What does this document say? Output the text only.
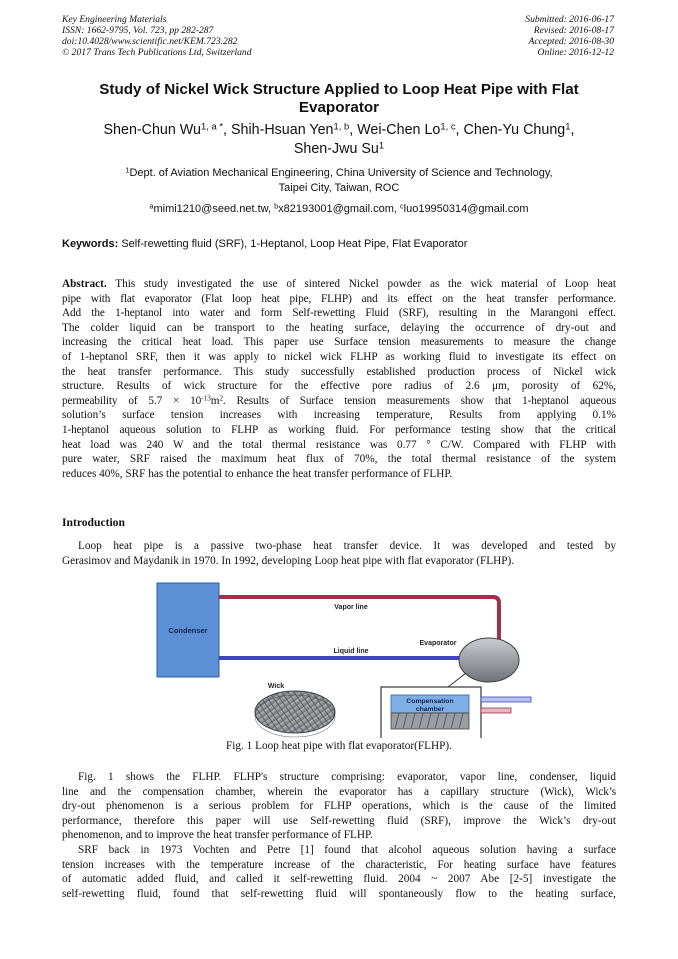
Key Engineering Materials
ISSN: 1662-9795, Vol. 723, pp 282-287
doi:10.4028/www.scientific.net/KEM.723.282
© 2017 Trans Tech Publications Ltd, Switzerland
Submitted: 2016-06-17
Revised: 2016-08-17
Accepted: 2016-08-30
Online: 2016-12-12
Study of Nickel Wick Structure Applied to Loop Heat Pipe with Flat
Evaporator
Shen-Chun $Wu^{1, a *}$, Shih-Hsuan Yen$^{1, b}$, Wei-Chen Lo$^{1, c}$, Chen-Yu Chung$^1$,
Shen-Jwu Su$^1$
$^1$Dept. of Aviation Mechanical Engineering, China University of Science and Technology,
Taipei City, Taiwan, ROC
$^a$mimi1210@seed.net.tw, $^b$x82193001@gmail.com, $^c$luo19950314@gmail.com
Keywords: Self-rewetting fluid (SRF), 1-Heptanol, Loop Heat Pipe, Flat Evaporator
Abstract. This study investigated the use of sintered Nickel powder as the wick material of Loop heat
pipe with flat evaporator (Flat loop heat pipe, FLHP) and its effect on the heat transfer performance.
Add the 1-heptanol into water and form Self-rewetting Fluid (SRF), resulting in the Marangoni effect.
The colder liquid can be transport to the heating surface, delaying the occurrence of dry-out and
increasing the critical heat load. This paper use Surface tension measurements to measure the change
of 1-heptanol SRF, then it was apply to nickel wick FLHP as working fluid to investigate its effect on
the heat transfer performance. This study successfully established production process of Nickel wick
structure. Results of wick structure for the effective pore radius of 2.6 μm, porosity of 62%,
permeability of $5.7 \times 10^{-13}m^2$. Results of Surface tension measurements show that 1-heptanol aqueous
solution’s surface tension increases with increasing temperature, Results from applying 0.1%
1-heptanol aqueous solution to FLHP as working fluid. For performance testing show that the critical
heat load was 240 W and the total thermal resistance was 0.77 ° C/W. Compared with FLHP with
pure water, SRF raised the maximum heat flux of 70%, the total thermal resistance of the system
reduces 40%, SRF has the potential to enhance the heat transfer performance of FLHP.
Introduction
Loop heat pipe is a passive two-phase heat transfer device. It was developed and tested by
Gerasimov and Maydanik in 1970. In 1992, developing Loop heat pipe with flat evaporator (FLHP).
Condenser
Vapor line
Liquid line
Evaporator
Wick
Compensation
chamber
Fig. 1 Loop heat pipe with flat evaporator(FLHP).
Fig. 1 shows the FLHP. FLHP's structure comprising: evaporator, vapor line, condenser, liquid
line and the compensation chamber, wherein the evaporator has a capillary structure (Wick), Wick’s
dry-out phenomenon is a serious problem for FLHP operations, which is the cause of the limited
performance, therefore this paper will use Self-rewetting fluid (SRF), improve the Wick’s dry-out
phenomenon, and to improve the heat transfer performance of FLHP.
SRF back in 1973 Vochten and Petre [1] found that alcohol aqueous solution having a surface
tension increases with the temperature increase of the characteristic, For heating surface have features
of automatic added fluid, and called it self-rewetting fluid. 2004 ~ 2007 Abe [2-5] investigate the
self-rewetting fluid, found that self-rewetting fluid will spontaneously flow to the heating surface,
